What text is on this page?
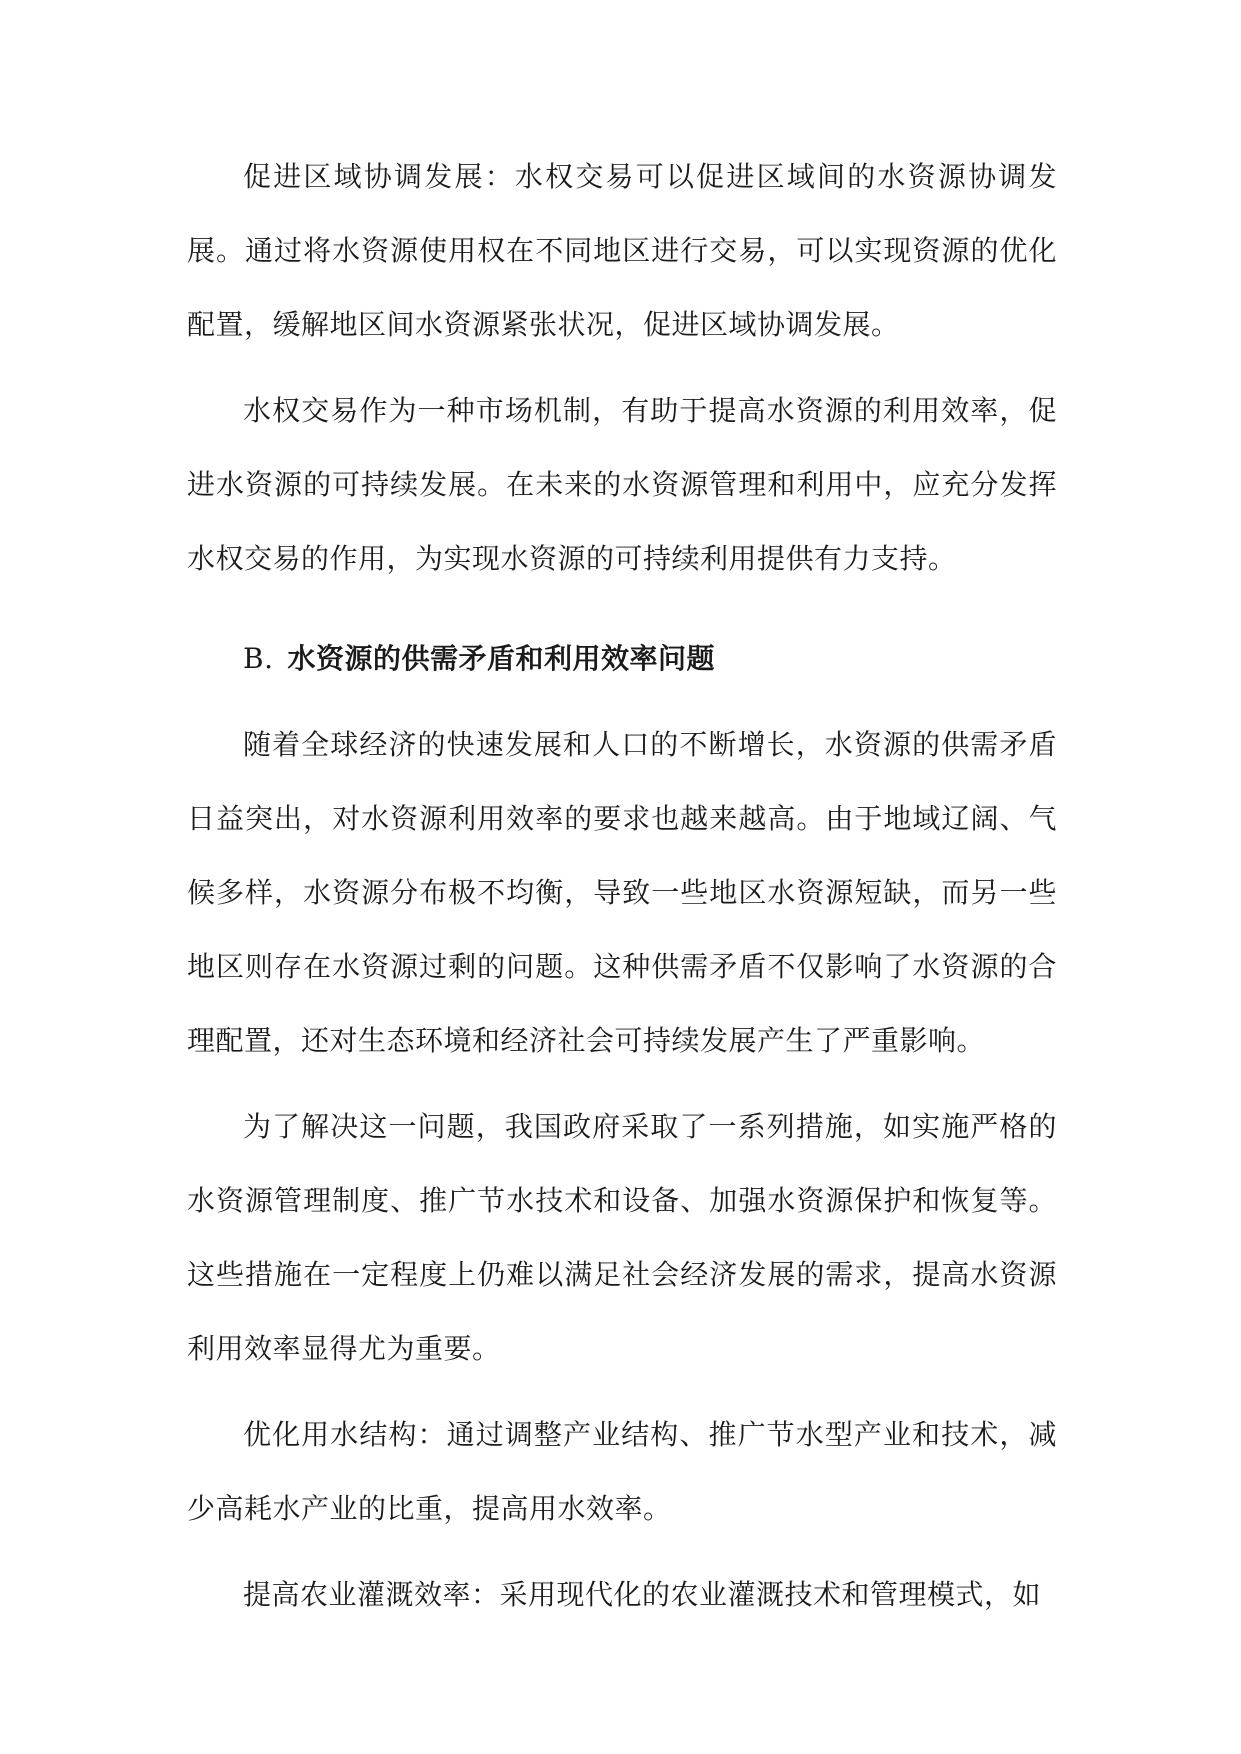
促进区域协调发展：水权交易可以促进区域间的水资源协调发展。通过将水资源使用权在不同地区进行交易，可以实现资源的优化配置，缓解地区间水资源紧张状况，促进区域协调发展。

水权交易作为一种市场机制，有助于提高水资源的利用效率，促进水资源的可持续发展。在未来的水资源管理和利用中，应充分发挥水权交易的作用，为实现水资源的可持续利用提供有力支持。

B. 水资源的供需矛盾和利用效率问题

随着全球经济的快速发展和人口的不断增长，水资源的供需矛盾日益突出，对水资源利用效率的要求也越来越高。由于地域辽阔、气候多样，水资源分布极不均衡，导致一些地区水资源短缺，而另一些地区则存在水资源过剩的问题。这种供需矛盾不仅影响了水资源的合理配置，还对生态环境和经济社会可持续发展产生了严重影响。

为了解决这一问题，我国政府采取了一系列措施，如实施严格的水资源管理制度、推广节水技术和设备、加强水资源保护和恢复等。这些措施在一定程度上仍难以满足社会经济发展的需求，提高水资源利用效率显得尤为重要。

优化用水结构：通过调整产业结构、推广节水型产业和技术，减少高耗水产业的比重，提高用水效率。

提高农业灌溉效率：采用现代化的农业灌溉技术和管理模式，如
